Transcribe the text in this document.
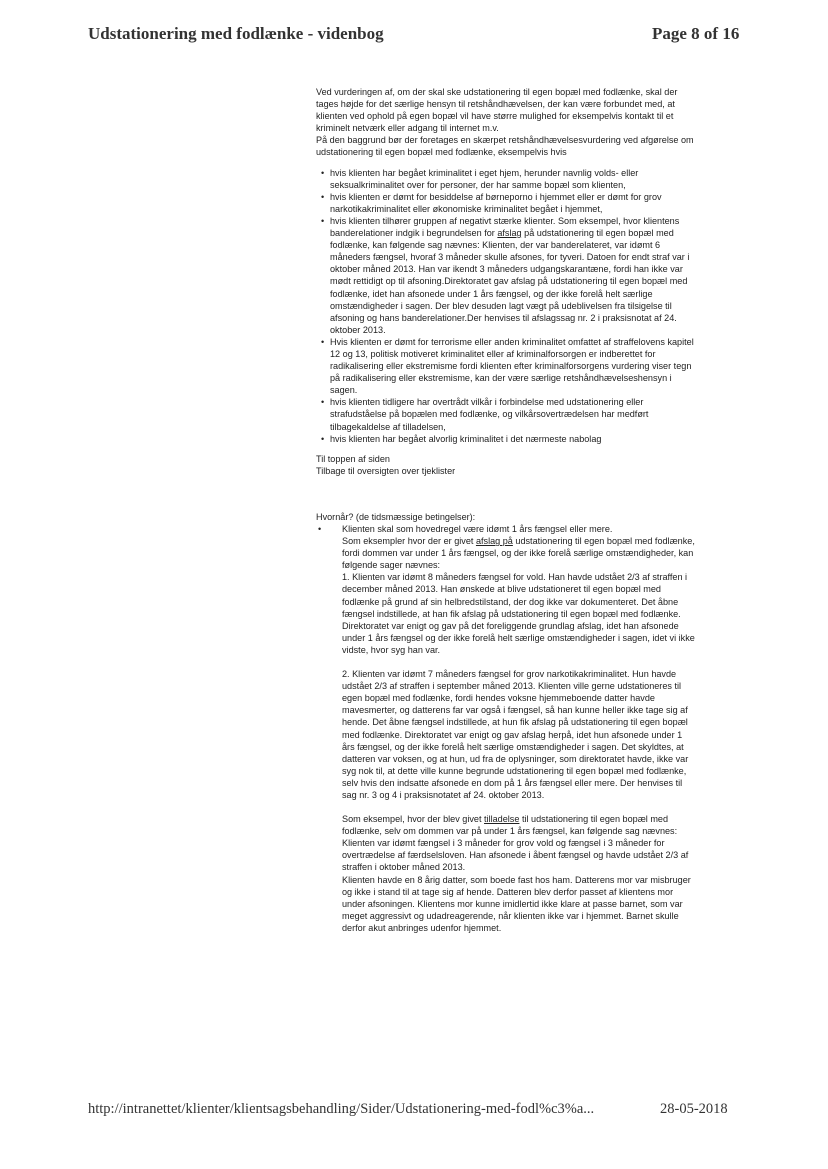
Udstationering med fodlænke - videnbog	Page 8 of 16

Ved vurderingen af, om der skal ske udstationering til egen bopæl med fodlænke, skal der tages højde for det særlige hensyn til retshåndhævelsen, der kan være forbundet med, at klienten ved ophold på egen bopæl vil have større mulighed for eksempelvis kontakt til et kriminelt netværk eller adgang til internet m.v.

På den baggrund bør der foretages en skærpet retshåndhævelsesvurdering ved afgørelse om udstationering til egen bopæl med fodlænke, eksempelvis hvis

• hvis klienten har begået kriminalitet i eget hjem, herunder navnlig volds- eller seksualkriminalitet over for personer, der har samme bopæl som klienten,
• hvis klienten er dømt for besiddelse af børneporno i hjemmet eller er dømt for grov narkotikakriminalitet eller økonomiske kriminalitet begået i hjemmet,
• hvis klienten tilhører gruppen af negativt stærke klienter. Som eksempel, hvor klientens banderelationer indgik i begrundelsen for afslag på udstationering til egen bopæl med fodlænke, kan følgende sag nævnes: Klienten, der var banderelateret, var idømt 6 måneders fængsel, hvoraf 3 måneder skulle afsones, for tyveri. Datoen for endt straf var i oktober måned 2013. Han var ikendt 3 måneders udgangskarantæne, fordi han ikke var mødt rettidigt op til afsoning.Direktoratet gav afslag på udstationering til egen bopæl med fodlænke, idet han afsonede under 1 års fængsel, og der ikke forelå helt særlige omstændigheder i sagen. Der blev desuden lagt vægt på udeblivelsen fra tilsigelse til afsoning og hans banderelationer.Der henvises til afslagssag nr. 2 i praksisnotat af 24. oktober 2013.
• Hvis klienten er dømt for terrorisme eller anden kriminalitet omfattet af straffelovens kapitel 12 og 13, politisk motiveret kriminalitet eller af kriminalforsorgen er indberettet for radikalisering eller ekstremisme fordi klienten efter kriminalforsorgens vurdering viser tegn på radikalisering eller ekstremisme, kan der være særlige retshåndhævelseshensyn i sagen.
• hvis klienten tidligere har overtrådt vilkår i forbindelse med udstationering eller strafudståelse på bopælen med fodlænke, og vilkårsovertrædelsen har medført tilbagekaldelse af tilladelsen,
• hvis klienten har begået alvorlig kriminalitet i det nærmeste nabolag

Til toppen af siden

Tilbage til oversigten over tjeklister

Hvornår? (de tidsmæssige betingelser):

• Klienten skal som hovedregel være idømt 1 års fængsel eller mere.

Som eksempler hvor der er givet afslag på udstationering til egen bopæl med fodlænke, fordi dommen var under 1 års fængsel, og der ikke forelå særlige omstændigheder, kan følgende sager nævnes:

1. Klienten var idømt 8 måneders fængsel for vold. Han havde udstået 2/3 af straffen i december måned 2013. Han ønskede at blive udstationeret til egen bopæl med fodlænke på grund af sin helbredstilstand, der dog ikke var dokumenteret. Det åbne fængsel indstillede, at han fik afslag på udstationering til egen bopæl med fodlænke. Direktoratet var enigt og gav på det foreliggende grundlag afslag, idet han afsonede under 1 års fængsel og der ikke forelå helt særlige omstændigheder i sagen, idet vi ikke vidste, hvor syg han var.

2. Klienten var idømt 7 måneders fængsel for grov narkotikakriminalitet. Hun havde udstået 2/3 af straffen i september måned 2013. Klienten ville gerne udstationeres til egen bopæl med fodlænke, fordi hendes voksne hjemmeboende datter havde mavesmerter, og datterens far var også i fængsel, så han kunne heller ikke tage sig af hende. Det åbne fængsel indstillede, at hun fik afslag på udstationering til egen bopæl med fodlænke. Direktoratet var enigt og gav afslag herpå, idet hun afsonede under 1 års fængsel, og der ikke forelå helt særlige omstændigheder i sagen. Det skyldtes, at datteren var voksen, og at hun, ud fra de oplysninger, som direktoratet havde, ikke var syg nok til, at dette ville kunne begrunde udstationering til egen bopæl med fodlænke, selv hvis den indsatte afsonede en dom på 1 års fængsel eller mere. Der henvises til sag nr. 3 og 4 i praksisnotatet af 24. oktober 2013.

Som eksempel, hvor der blev givet tilladelse til udstationering til egen bopæl med fodlænke, selv om dommen var på under 1 års fængsel, kan følgende sag nævnes:

Klienten var idømt fængsel i 3 måneder for grov vold og fængsel i 3 måneder for overtrædelse af færdselsloven. Han afsonede i åbent fængsel og havde udstået 2/3 af straffen i oktober måned 2013.

Klienten havde en 8 årig datter, som boede fast hos ham. Datterens mor var misbruger og ikke i stand til at tage sig af hende. Datteren blev derfor passet af klientens mor under afsoningen. Klientens mor kunne imidlertid ikke klare at passe barnet, som var meget aggressivt og udadreagerende, når klienten ikke var i hjemmet. Barnet skulle derfor akut anbringes udenfor hjemmet.

http://intranettet/klienter/klientsagsbehandling/Sider/Udstationering-med-fodl%c3%a...	28-05-2018
